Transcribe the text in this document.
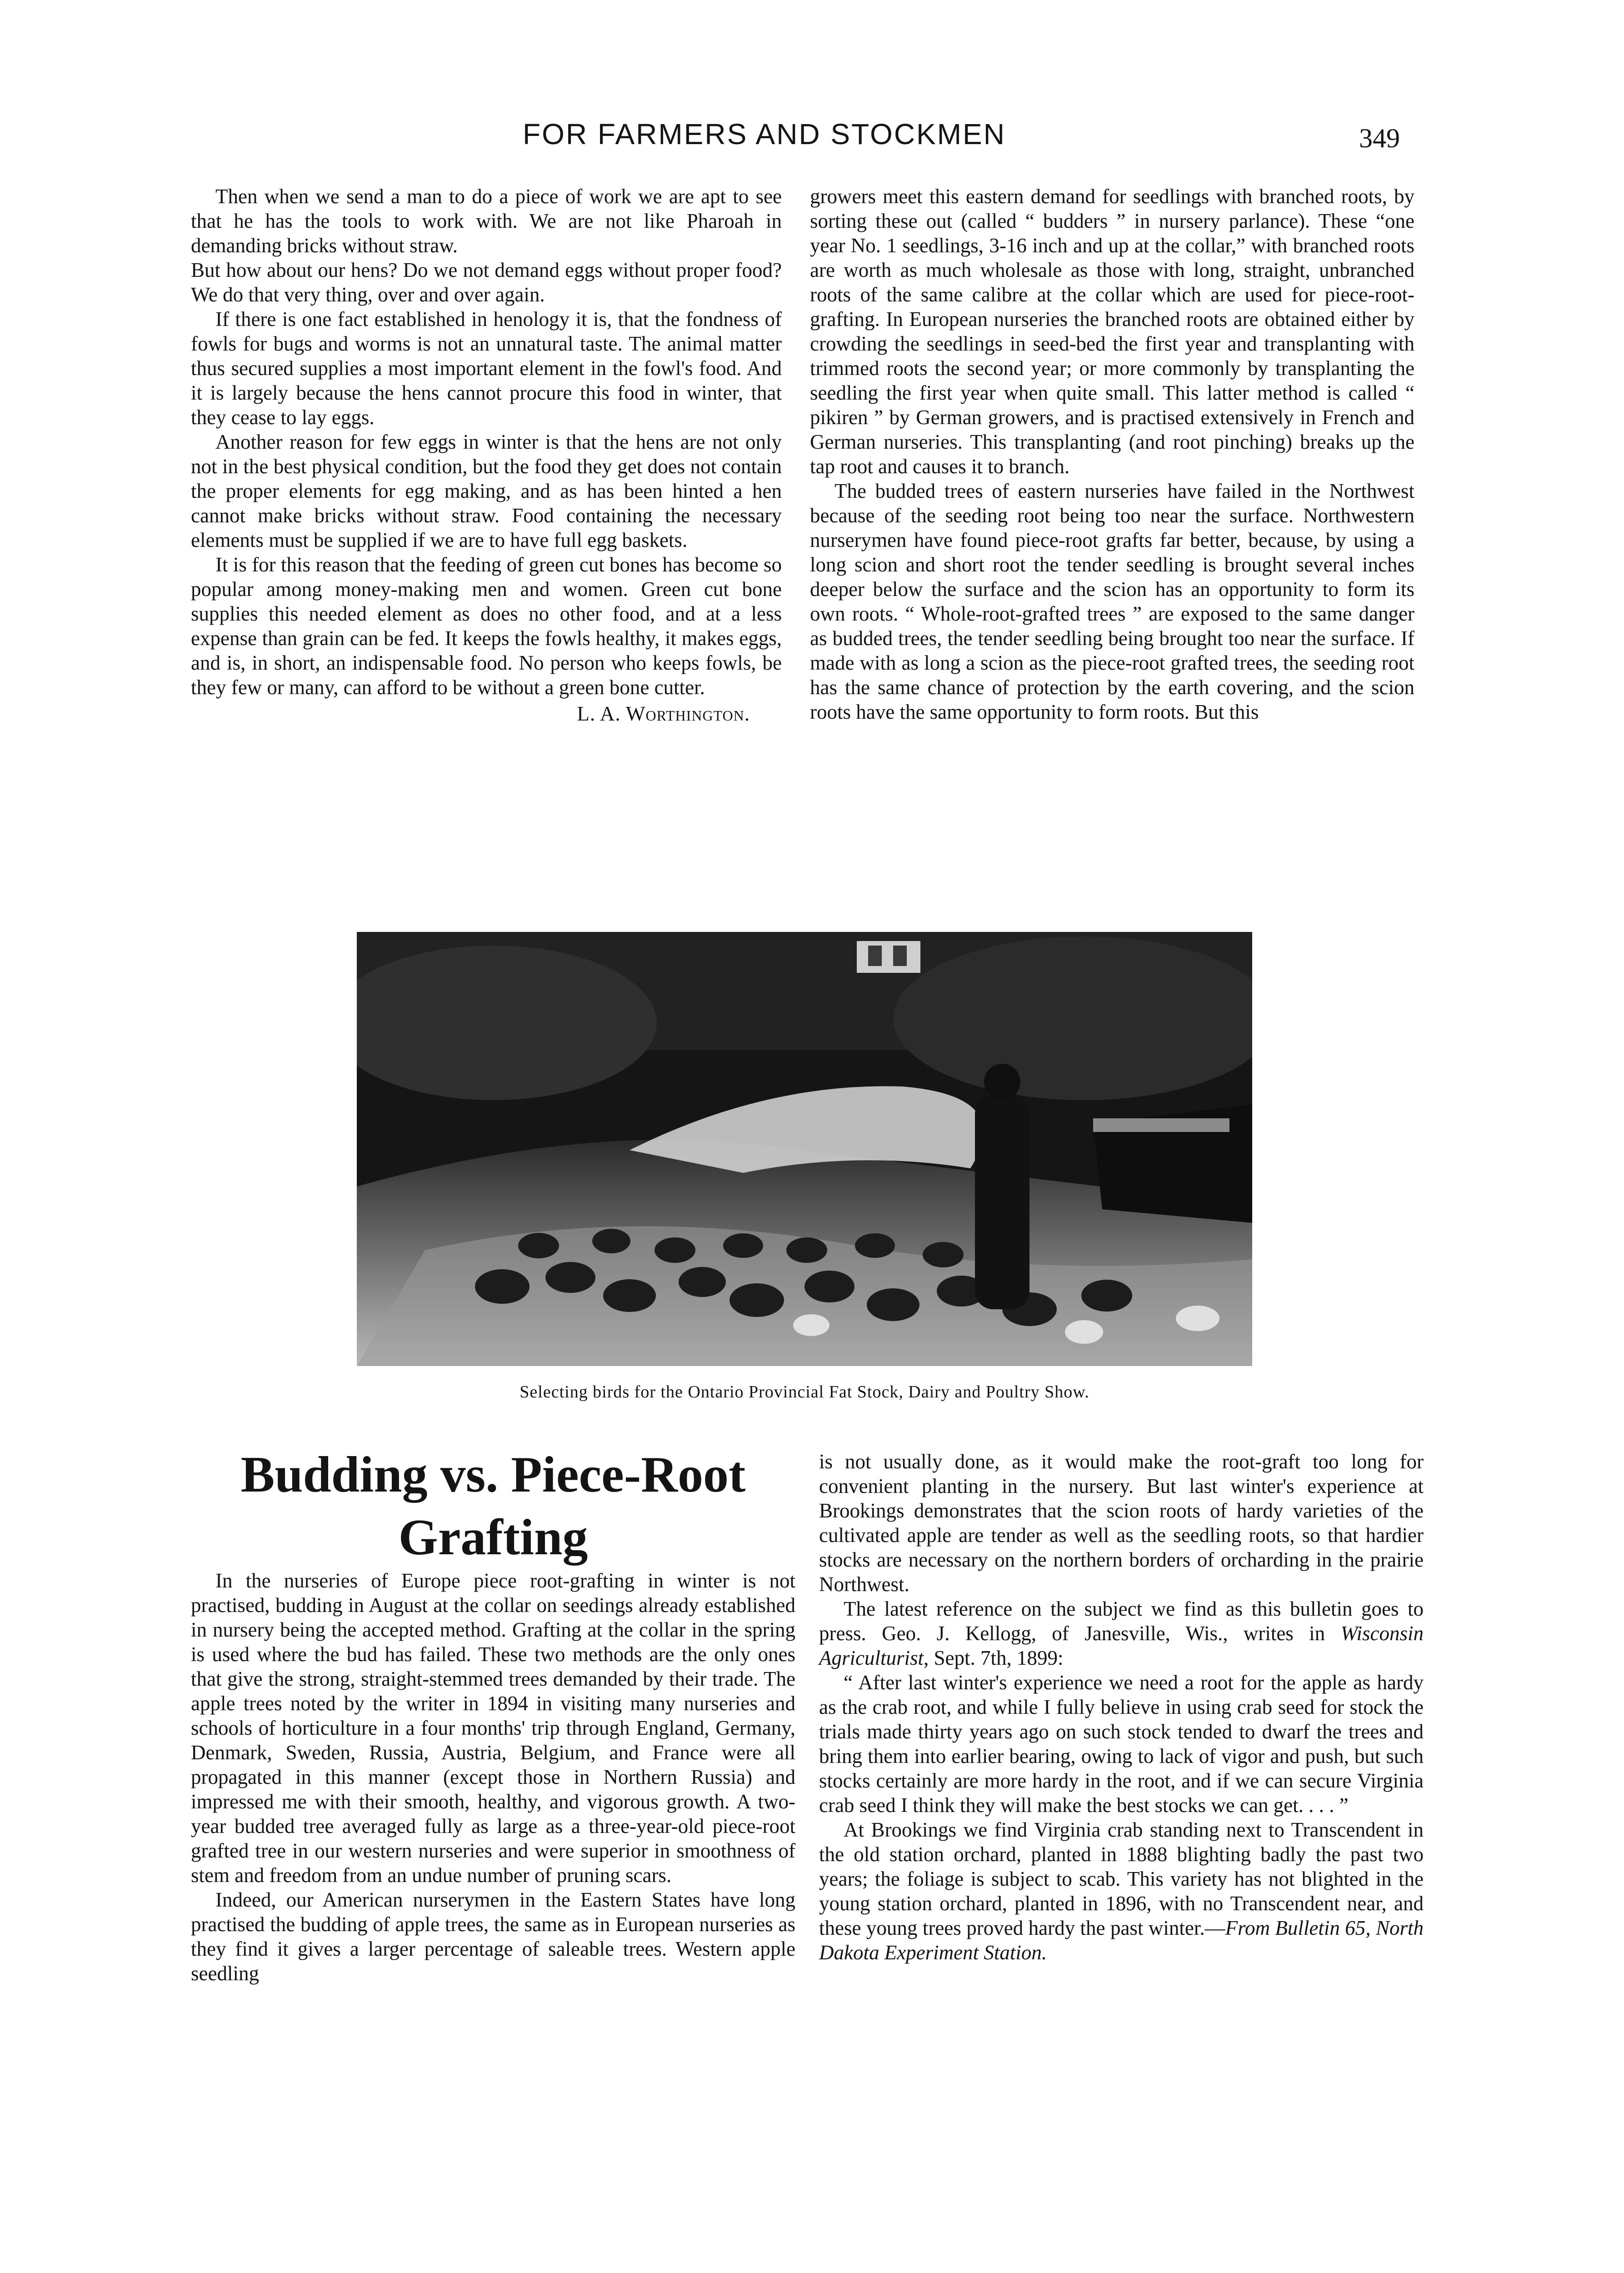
FOR FARMERS AND STOCKMEN	349

Then when we send a man to do a piece of work we are apt to see that he has the tools to work with. We are not like Pharoah in demanding bricks without straw.

But how about our hens? Do we not demand eggs without proper food? We do that very thing, over and over again.

If there is one fact established in henology it is, that the fondness of fowls for bugs and worms is not an unnatural taste. The animal matter thus secured supplies a most important element in the fowl's food. And it is largely because the hens cannot procure this food in winter, that they cease to lay eggs.

Another reason for few eggs in winter is that the hens are not only not in the best physical condition, but the food they get does not contain the proper elements for egg making, and as has been hinted a hen cannot make bricks without straw. Food containing the necessary elements must be supplied if we are to have full egg baskets.

It is for this reason that the feeding of green cut bones has become so popular among money-making men and women. Green cut bone supplies this needed element as does no other food, and at a less expense than grain can be fed. It keeps the fowls healthy, it makes eggs, and is, in short, an indispensable food. No person who keeps fowls, be they few or many, can afford to be without a green bone cutter.

L. A. Worthington.

growers meet this eastern demand for seedlings with branched roots, by sorting these out (called “ budders ” in nursery parlance). These “one year No. 1 seedlings, 3-16 inch and up at the collar,” with branched roots are worth as much wholesale as those with long, straight, unbranched roots of the same calibre at the collar which are used for piece-root-grafting. In European nurseries the branched roots are obtained either by crowding the seedlings in seed-bed the first year and transplanting with trimmed roots the second year; or more commonly by transplanting the seedling the first year when quite small. This latter method is called “ pikiren ” by German growers, and is practised extensively in French and German nurseries. This transplanting (and root pinching) breaks up the tap root and causes it to branch.

The budded trees of eastern nurseries have failed in the Northwest because of the seeding root being too near the surface. Northwestern nurserymen have found piece-root grafts far better, because, by using a long scion and short root the tender seedling is brought several inches deeper below the surface and the scion has an opportunity to form its own roots. “ Whole-root-grafted trees ” are exposed to the same danger as budded trees, the tender seedling being brought too near the surface. If made with as long a scion as the piece-root grafted trees, the seeding root has the same chance of protection by the earth covering, and the scion roots have the same opportunity to form roots. But this

Selecting birds for the Ontario Provincial Fat Stock, Dairy and Poultry Show.
Budding vs. Piece-Root
Grafting

In the nurseries of Europe piece root-grafting in winter is not practised, budding in August at the collar on seedings already established in nursery being the accepted method. Grafting at the collar in the spring is used where the bud has failed. These two methods are the only ones that give the strong, straight-stemmed trees demanded by their trade. The apple trees noted by the writer in 1894 in visiting many nurseries and schools of horticulture in a four months' trip through England, Germany, Denmark, Sweden, Russia, Austria, Belgium, and France were all propagated in this manner (except those in Northern Russia) and impressed me with their smooth, healthy, and vigorous growth. A two-year budded tree averaged fully as large as a three-year-old piece-root grafted tree in our western nurseries and were superior in smoothness of stem and freedom from an undue number of pruning scars.

Indeed, our American nurserymen in the Eastern States have long practised the budding of apple trees, the same as in European nurseries as they find it gives a larger percentage of saleable trees. Western apple seedling

is not usually done, as it would make the root-graft too long for convenient planting in the nursery. But last winter's experience at Brookings demonstrates that the scion roots of hardy varieties of the cultivated apple are tender as well as the seedling roots, so that hardier stocks are necessary on the northern borders of orcharding in the prairie Northwest.

The latest reference on the subject we find as this bulletin goes to press. Geo. J. Kellogg, of Janesville, Wis., writes in Wisconsin Agriculturist, Sept. 7th, 1899:

“ After last winter's experience we need a root for the apple as hardy as the crab root, and while I fully believe in using crab seed for stock the trials made thirty years ago on such stock tended to dwarf the trees and bring them into earlier bearing, owing to lack of vigor and push, but such stocks certainly are more hardy in the root, and if we can secure Virginia crab seed I think they will make the best stocks we can get. . . . ”

At Brookings we find Virginia crab standing next to Transcendent in the old station orchard, planted in 1888 blighting badly the past two years; the foliage is subject to scab. This variety has not blighted in the young station orchard, planted in 1896, with no Transcendent near, and these young trees proved hardy the past winter.—From Bulletin 65, North Dakota Experiment Station.
